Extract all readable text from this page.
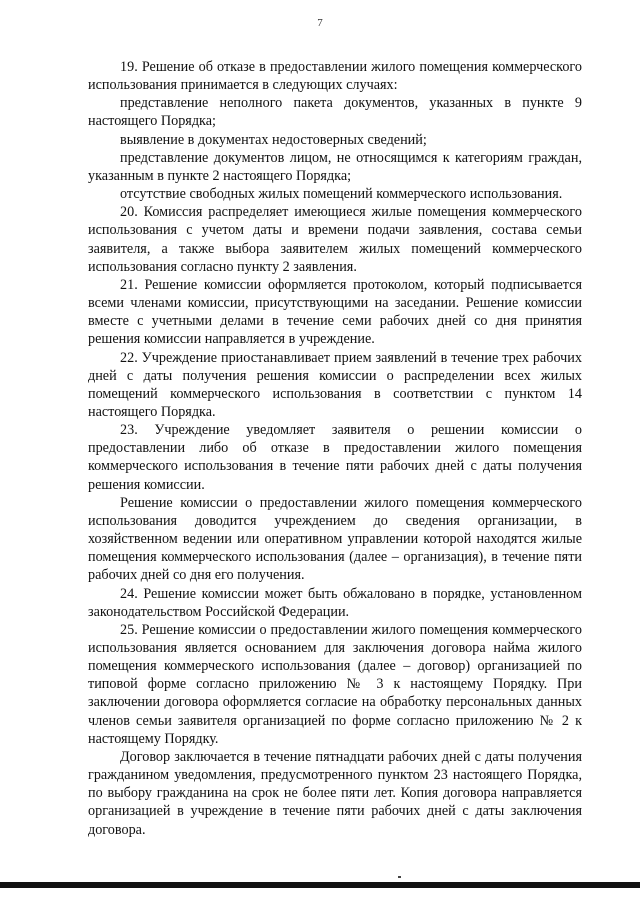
7

19. Решение об отказе в предоставлении жилого помещения коммерческого использования принимается в следующих случаях:

представление неполного пакета документов, указанных в пункте 9 настоящего Порядка;

выявление в документах недостоверных сведений;

представление документов лицом, не относящимся к категориям граждан, указанным в пункте 2 настоящего Порядка;

отсутствие свободных жилых помещений коммерческого использования.

20. Комиссия распределяет имеющиеся жилые помещения коммерческого использования с учетом даты и времени подачи заявления, состава семьи заявителя, а также выбора заявителем жилых помещений коммерческого использования согласно пункту 2 заявления.

21. Решение комиссии оформляется протоколом, который подписывается всеми членами комиссии, присутствующими на заседании. Решение комиссии вместе с учетными делами в течение семи рабочих дней со дня принятия решения комиссии направляется в учреждение.

22. Учреждение приостанавливает прием заявлений в течение трех рабочих дней с даты получения решения комиссии о распределении всех жилых помещений коммерческого использования в соответствии с пунктом 14 настоящего Порядка.

23. Учреждение уведомляет заявителя о решении комиссии о предоставлении либо об отказе в предоставлении жилого помещения коммерческого использования в течение пяти рабочих дней с даты получения решения комиссии.

Решение комиссии о предоставлении жилого помещения коммерческого использования доводится учреждением до сведения организации, в хозяйственном ведении или оперативном управлении которой находятся жилые помещения коммерческого использования (далее – организация), в течение пяти рабочих дней со дня его получения.

24. Решение комиссии может быть обжаловано в порядке, установленном законодательством Российской Федерации.

25. Решение комиссии о предоставлении жилого помещения коммерческого использования является основанием для заключения договора найма жилого помещения коммерческого использования (далее – договор) организацией по типовой форме согласно приложению № 3 к настоящему Порядку. При заключении договора оформляется согласие на обработку персональных данных членов семьи заявителя организацией по форме согласно приложению № 2 к настоящему Порядку.

Договор заключается в течение пятнадцати рабочих дней с даты получения гражданином уведомления, предусмотренного пунктом 23 настоящего Порядка, по выбору гражданина на срок не более пяти лет. Копия договора направляется организацией в учреждение в течение пяти рабочих дней с даты заключения договора.
